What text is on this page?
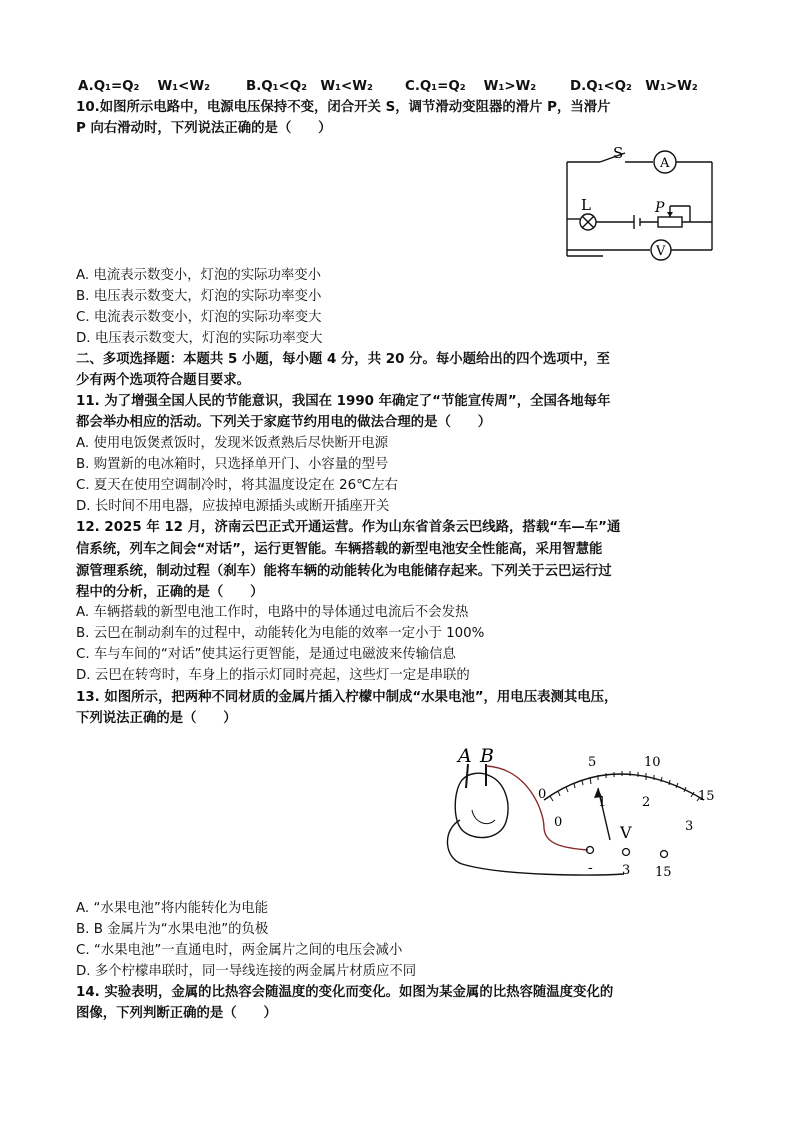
A.Q₁=Q₂　 W₁<W₂	B.Q₁<Q₂　W₁<W₂ C.Q₁=Q₂　 W₁>W₂	D.Q₁<Q₂　W₁>W₂
10.如图所示电路中，电源电压保持不变，闭合开关 S，调节滑动变阻器的滑片 P，当滑片
P 向右滑动时，下列说法正确的是（　　）
S
A
L	P
V
A. 电流表示数变小，灯泡的实际功率变小
B. 电压表示数变大，灯泡的实际功率变小
C. 电流表示数变小，灯泡的实际功率变大
D. 电压表示数变大，灯泡的实际功率变大
二、多项选择题：本题共 5 小题，每小题 4 分，共 20 分。每小题给出的四个选项中，至
少有两个选项符合题目要求。
11. 为了增强全国人民的节能意识，我国在 1990 年确定了“节能宣传周”，全国各地每年
都会举办相应的活动。下列关于家庭节约用电的做法合理的是（　　）
A. 使用电饭煲煮饭时，发现米饭煮熟后尽快断开电源
B. 购置新的电冰箱时，只选择单开门、小容量的型号
C. 夏天在使用空调制冷时，将其温度设定在 26℃左右
D. 长时间不用电器，应拔掉电源插头或断开插座开关
12. 2025 年 12 月，济南云巴正式开通运营。作为山东省首条云巴线路，搭载“车—车”通
信系统，列车之间会“对话”，运行更智能。车辆搭载的新型电池安全性能高，采用智慧能
源管理系统，制动过程（刹车）能将车辆的动能转化为电能储存起来。下列关于云巴运行过
程中的分析，正确的是（　　）
A. 车辆搭载的新型电池工作时，电路中的导体通过电流后不会发热
B. 云巴在制动刹车的过程中，动能转化为电能的效率一定小于 100%
C. 车与车间的“对话”使其运行更智能，是通过电磁波来传输信息
D. 云巴在转弯时，车身上的指示灯同时亮起，这些灯一定是串联的
13. 如图所示，把两种不同材质的金属片插入柠檬中制成“水果电池”，用电压表测其电压，
下列说法正确的是（　　）
A B
0
5	10
15
0
1	2
3
V
- 3 15
A. “水果电池”将内能转化为电能
B. B 金属片为“水果电池”的负极
C. “水果电池”一直通电时，两金属片之间的电压会减小
D. 多个柠檬串联时，同一导线连接的两金属片材质应不同
14. 实验表明，金属的比热容会随温度的变化而变化。如图为某金属的比热容随温度变化的
图像，下列判断正确的是（　　）
